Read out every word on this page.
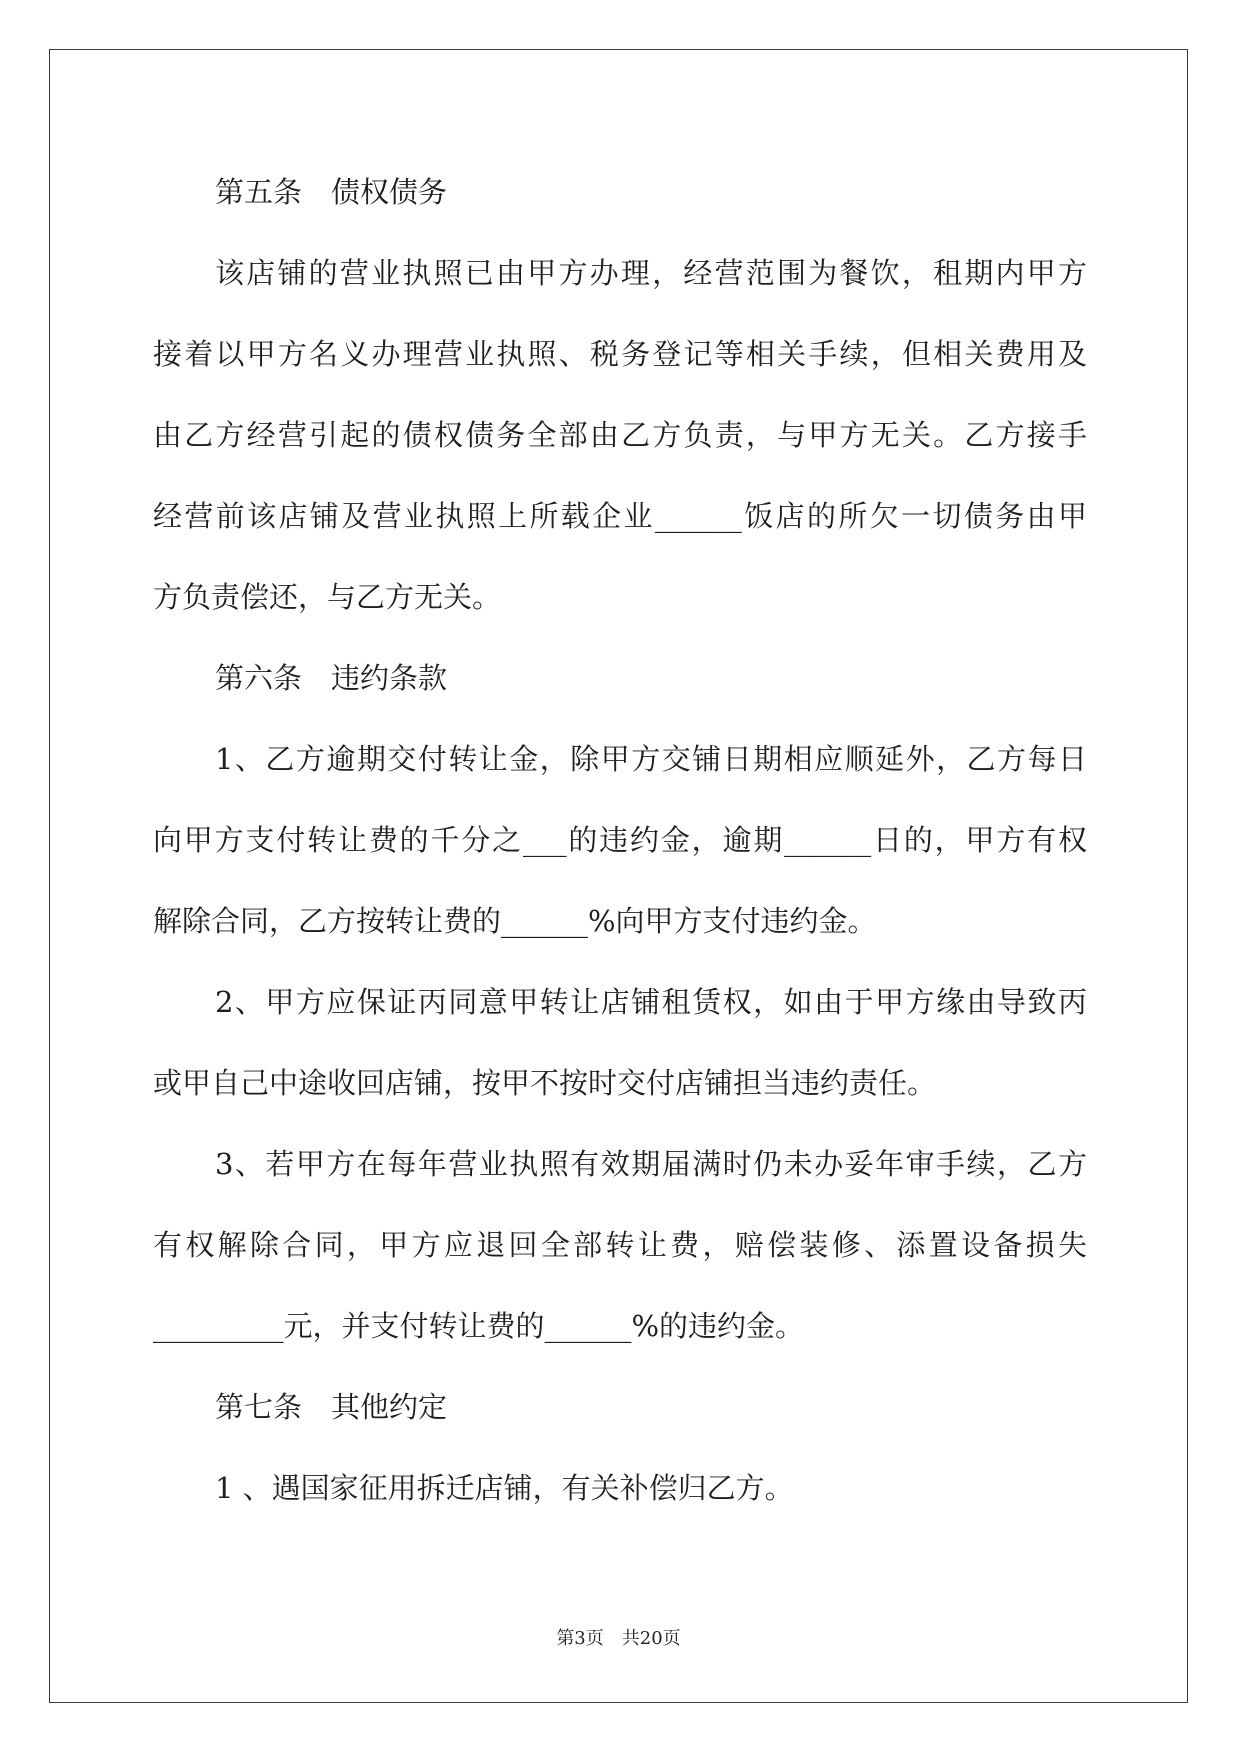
第五条　债权债务
该店铺的营业执照已由甲方办理，经营范围为餐饮，租期内甲方
接着以甲方名义办理营业执照、税务登记等相关手续，但相关费用及
由乙方经营引起的债权债务全部由乙方负责，与甲方无关。乙方接手
经营前该店铺及营业执照上所载企业______饭店的所欠一切债务由甲
方负责偿还，与乙方无关。
第六条　违约条款
1、乙方逾期交付转让金，除甲方交铺日期相应顺延外，乙方每日
向甲方支付转让费的千分之___的违约金，逾期______日的，甲方有权
解除合同，乙方按转让费的______%向甲方支付违约金。
2、甲方应保证丙同意甲转让店铺租赁权，如由于甲方缘由导致丙
或甲自己中途收回店铺，按甲不按时交付店铺担当违约责任。
3、若甲方在每年营业执照有效期届满时仍未办妥年审手续，乙方
有权解除合同，甲方应退回全部转让费，赔偿装修、添置设备损失
_________元，并支付转让费的______%的违约金。
第七条　其他约定
1 、遇国家征用拆迁店铺，有关补偿归乙方。
第3页　共20页
